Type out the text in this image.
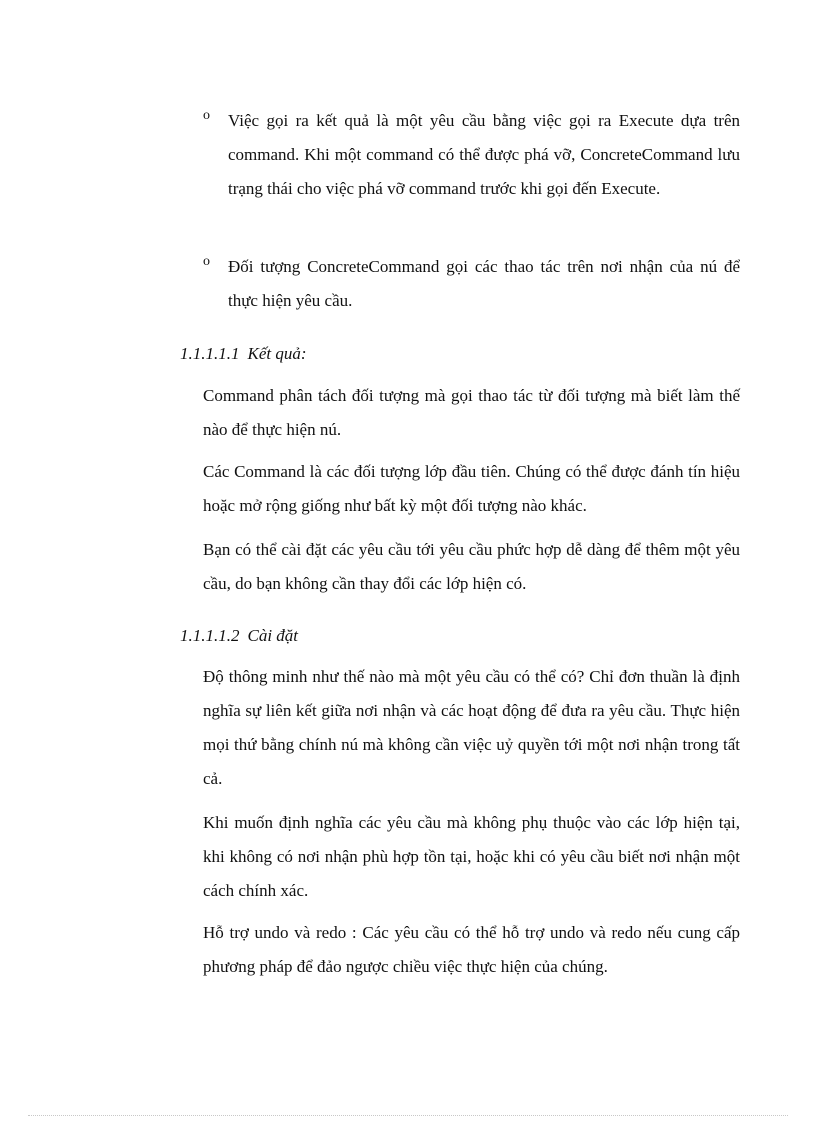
o Việc gọi ra kết quả là một yêu cầu bằng việc gọi ra Execute dựa trên command. Khi một command có thể được phá vỡ, ConcreteCommand lưu trạng thái cho việc phá vỡ command trước khi gọi đến Execute.
o Đối tượng ConcreteCommand gọi các thao tác trên nơi nhận của nú để thực hiện yêu cầu.

1.1.1.1.1 Kết quả:

Command phân tách đối tượng mà gọi thao tác từ đối tượng mà biết làm thế nào để thực hiện nú.

Các Command là các đối tượng lớp đầu tiên. Chúng có thể được đánh tín hiệu hoặc mở rộng giống như bất kỳ một đối tượng nào khác.

Bạn có thể cài đặt các yêu cầu tới yêu cầu phức hợp dễ dàng để thêm một yêu cầu, do bạn không cần thay đổi các lớp hiện có.

1.1.1.1.2 Cài đặt

Độ thông minh như thế nào mà một yêu cầu có thể có? Chỉ đơn thuần là định nghĩa sự liên kết giữa nơi nhận và các hoạt động để đưa ra yêu cầu. Thực hiện mọi thứ bằng chính nú mà không cần việc uỷ quyền tới một nơi nhận trong tất cả.

Khi muốn định nghĩa các yêu cầu mà không phụ thuộc vào các lớp hiện tại, khi không có nơi nhận phù hợp tồn tại, hoặc khi có yêu cầu biết nơi nhận một cách chính xác.

Hỗ trợ undo và redo : Các yêu cầu có thể hỗ trợ undo và redo nếu cung cấp phương pháp để đảo ngược chiều việc thực hiện của chúng.
